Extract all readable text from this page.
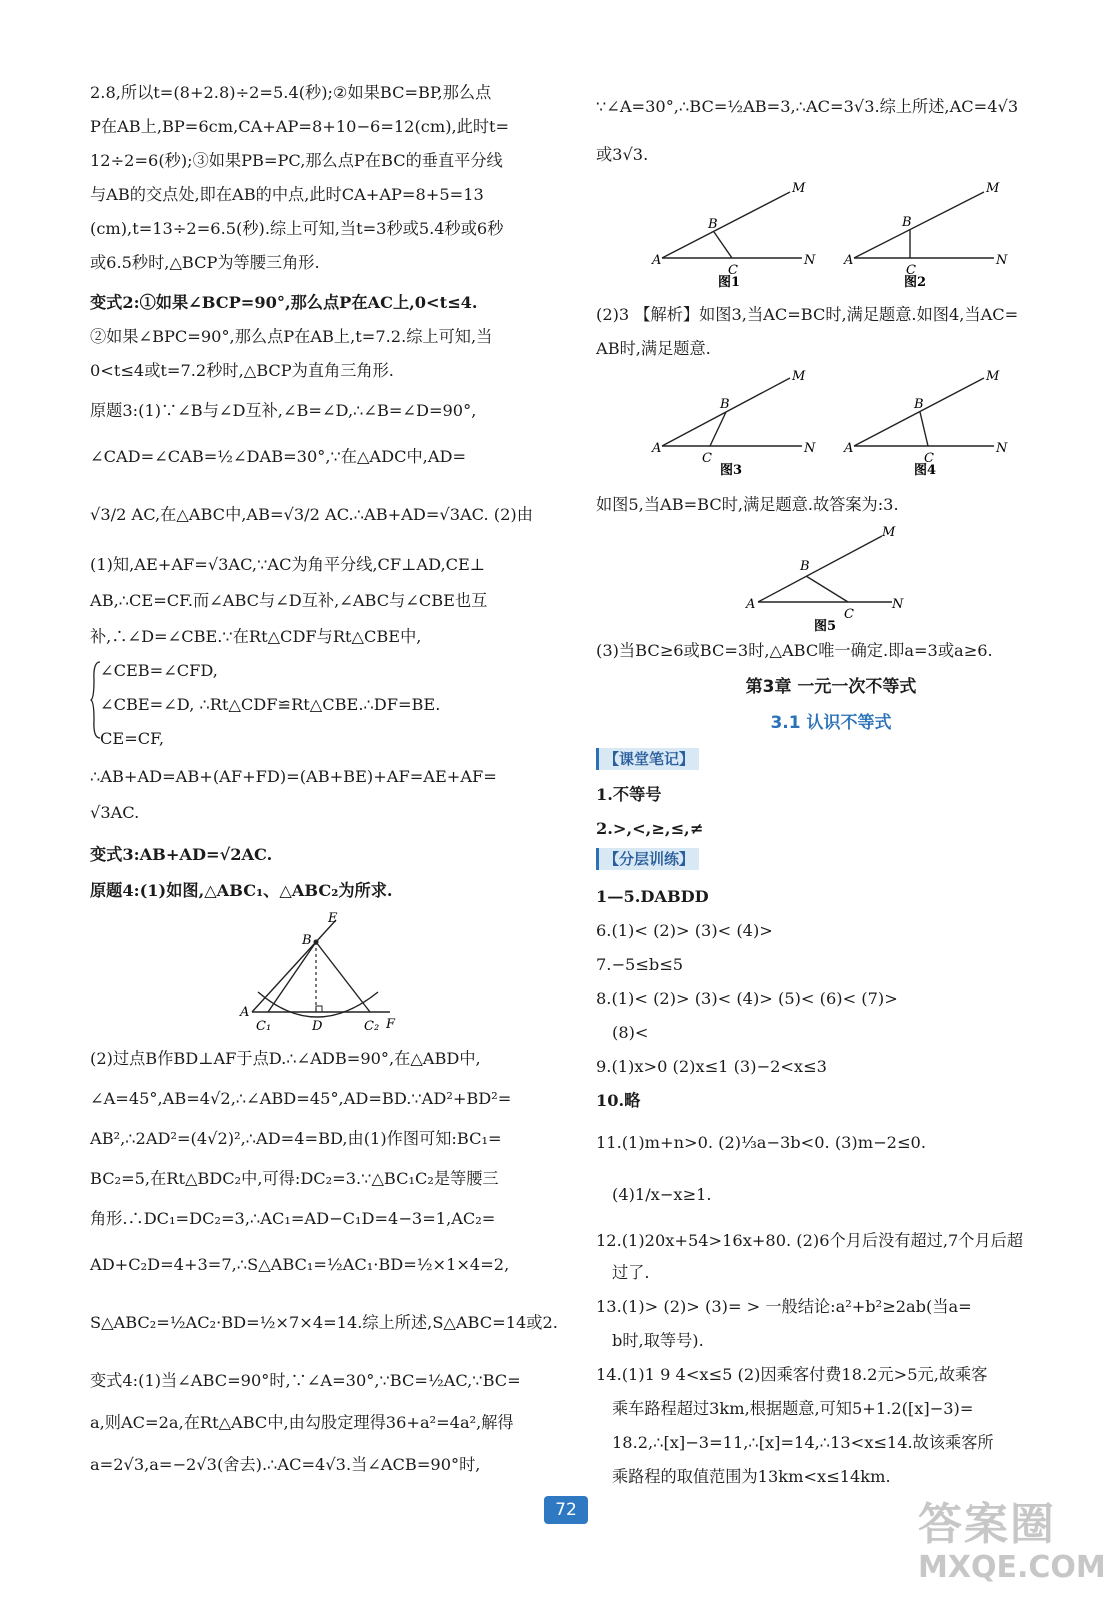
2.8,所以t=(8+2.8)÷2=5.4(秒);②如果BC=BP,那么点
P在AB上,BP=6cm,CA+AP=8+10−6=12(cm),此时t=
12÷2=6(秒);③如果PB=PC,那么点P在BC的垂直平分线
与AB的交点处,即在AB的中点,此时CA+AP=8+5=13
(cm),t=13÷2=6.5(秒).综上可知,当t=3秒或5.4秒或6秒
或6.5秒时,△BCP为等腰三角形.
变式2:①如果∠BCP=90°,那么点P在AC上,0<t≤4.
②如果∠BPC=90°,那么点P在AB上,t=7.2.综上可知,当
0<t≤4或t=7.2秒时,△BCP为直角三角形.
原题3:(1)∵∠B与∠D互补,∠B=∠D,∴∠B=∠D=90°,
∠CAD=∠CAB=½∠DAB=30°,∵在△ADC中,AD=
√3/2 AC,在△ABC中,AB=√3/2 AC.∴AB+AD=√3AC. (2)由
(1)知,AE+AF=√3AC,∵AC为角平分线,CF⊥AD,CE⊥
AB,∴CE=CF.而∠ABC与∠D互补,∠ABC与∠CBE也互
补,∴∠D=∠CBE.∵在Rt△CDF与Rt△CBE中,
∠CEB=∠CFD,
∠CBE=∠D, ∴Rt△CDF≌Rt△CBE.∴DF=BE.
CE=CF,
∴AB+AD=AB+(AF+FD)=(AB+BE)+AF=AE+AF=
√3AC.
变式3:AB+AD=√2AC.
原题4:(1)如图,△ABC₁、△ABC₂为所求.
E
B
A
C₁	D	C₂ F
(2)过点B作BD⊥AF于点D.∴∠ADB=90°,在△ABD中,
∠A=45°,AB=4√2,∴∠ABD=45°,AD=BD.∵AD²+BD²=
AB²,∴2AD²=(4√2)²,∴AD=4=BD,由(1)作图可知:BC₁=
BC₂=5,在Rt△BDC₂中,可得:DC₂=3.∵△BC₁C₂是等腰三
角形.∴DC₁=DC₂=3,∴AC₁=AD−C₁D=4−3=1,AC₂=
AD+C₂D=4+3=7,∴S△ABC₁=½AC₁·BD=½×1×4=2,
S△ABC₂=½AC₂·BD=½×7×4=14.综上所述,S△ABC=14或2.
变式4:(1)当∠ABC=90°时,∵∠A=30°,∵BC=½AC,∵BC=
a,则AC=2a,在Rt△ABC中,由勾股定理得36+a²=4a²,解得
a=2√3,a=−2√3(舍去).∴AC=4√3.当∠ACB=90°时,
∵∠A=30°,∴BC=½AB=3,∴AC=3√3.综上所述,AC=4√3
或3√3.
A
B
C
M
N
图1
A
B
C
M
N
图2
(2)3 【解析】如图3,当AC=BC时,满足题意.如图4,当AC=
AB时,满足题意.
A
B
C
M
N
图3
B
A
C
M
N
图4
如图5,当AB=BC时,满足题意.故答案为:3.
A
B
C
M
N
图5
(3)当BC≥6或BC=3时,△ABC唯一确定.即a=3或a≥6.
第3章 一元一次不等式
3.1 认识不等式
【课堂笔记】
1.不等号
2.>,<,≥,≤,≠
【分层训练】
1—5.DABDD
6.(1)< (2)> (3)< (4)>
7.−5≤b≤5
8.(1)< (2)> (3)< (4)> (5)< (6)< (7)>
(8)<
9.(1)x>0 (2)x≤1 (3)−2<x≤3
10.略
11.(1)m+n>0. (2)⅓a−3b<0. (3)m−2≤0.
(4)1/x−x≥1.
12.(1)20x+54>16x+80. (2)6个月后没有超过,7个月后超
过了.
13.(1)> (2)> (3)= > 一般结论:a²+b²≥2ab(当a=
b时,取等号).
14.(1)1 9 4<x≤5 (2)因乘客付费18.2元>5元,故乘客
乘车路程超过3km,根据题意,可知5+1.2([x]−3)=
18.2,∴[x]−3=11,∴[x]=14,∴13<x≤14.故该乘客所
乘路程的取值范围为13km<x≤14km.
72	答案圈
MXQE.COM
